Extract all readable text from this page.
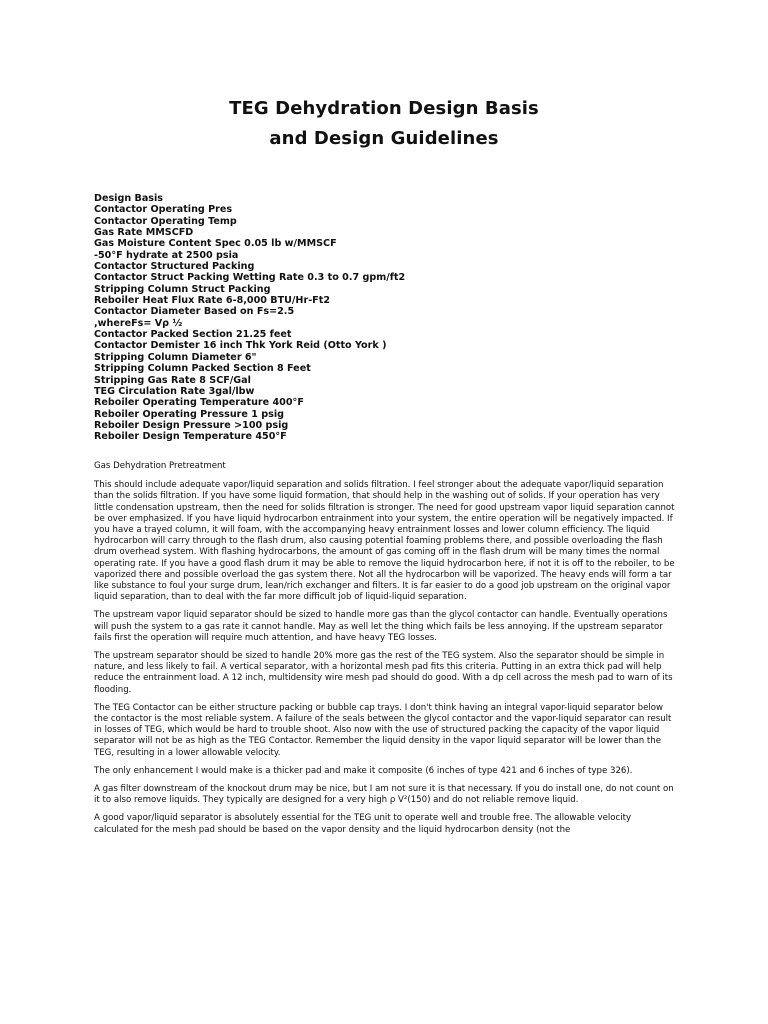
TEG Dehydration Design Basis
and Design Guidelines
Design Basis
Contactor Operating Pres
Contactor Operating Temp
Gas Rate MMSCFD
Gas Moisture Content Spec 0.05 lb w/MMSCF
-50°F hydrate at 2500 psia
Contactor Structured Packing
Contactor Struct Packing Wetting Rate 0.3 to 0.7 gpm/ft2
Stripping Column Struct Packing
Reboiler Heat Flux Rate 6-8,000 BTU/Hr-Ft2
Contactor Diameter Based on Fs=2.5
,whereFs= Vρ ½
Contactor Packed Section 21.25 feet
Contactor Demister 16 inch Thk York Reid (Otto York )
Stripping Column Diameter 6"
Stripping Column Packed Section 8 Feet
Stripping Gas Rate 8 SCF/Gal
TEG Circulation Rate 3gal/lbw
Reboiler Operating Temperature 400°F
Reboiler Operating Pressure 1 psig
Reboiler Design Pressure >100 psig
Reboiler Design Temperature 450°F

Gas Dehydration Pretreatment

This should include adequate vapor/liquid separation and solids filtration. I feel stronger about the adequate vapor/liquid separation than the solids filtration. If you have some liquid formation, that should help in the washing out of solids. If your operation has very little condensation upstream, then the need for solids filtration is stronger. The need for good upstream vapor liquid separation cannot be over emphasized. If you have liquid hydrocarbon entrainment into your system, the entire operation will be negatively impacted. If you have a trayed column, it will foam, with the accompanying heavy entrainment losses and lower column efficiency. The liquid hydrocarbon will carry through to the flash drum, also causing potential foaming problems there, and possible overloading the flash drum overhead system. With flashing hydrocarbons, the amount of gas coming off in the flash drum will be many times the normal operating rate. If you have a good flash drum it may be able to remove the liquid hydrocarbon here, if not it is off to the reboiler, to be vaporized there and possible overload the gas system there. Not all the hydrocarbon will be vaporized. The heavy ends will form a tar like substance to foul your surge drum, lean/rich exchanger and filters. It is far easier to do a good job upstream on the original vapor liquid separation, than to deal with the far more difficult job of liquid-liquid separation.

The upstream vapor liquid separator should be sized to handle more gas than the glycol contactor can handle. Eventually operations will push the system to a gas rate it cannot handle. May as well let the thing which fails be less annoying. If the upstream separator fails first the operation will require much attention, and have heavy TEG losses.

The upstream separator should be sized to handle 20% more gas the rest of the TEG system. Also the separator should be simple in nature, and less likely to fail. A vertical separator, with a horizontal mesh pad fits this criteria. Putting in an extra thick pad will help reduce the entrainment load. A 12 inch, multidensity wire mesh pad should do good. With a dp cell across the mesh pad to warn of its flooding.

The TEG Contactor can be either structure packing or bubble cap trays. I don't think having an integral vapor-liquid separator below the contactor is the most reliable system. A failure of the seals between the glycol contactor and the vapor-liquid separator can result in losses of TEG, which would be hard to trouble shoot. Also now with the use of structured packing the capacity of the vapor liquid separator will not be as high as the TEG Contactor. Remember the liquid density in the vapor liquid separator will be lower than the TEG, resulting in a lower allowable velocity.

The only enhancement I would make is a thicker pad and make it composite (6 inches of type 421 and 6 inches of type 326).

A gas filter downstream of the knockout drum may be nice, but I am not sure it is that necessary. If you do install one, do not count on it to also remove liquids. They typically are designed for a very high ρ V²(150) and do not reliable remove liquid.

A good vapor/liquid separator is absolutely essential for the TEG unit to operate well and trouble free. The allowable velocity calculated for the mesh pad should be based on the vapor density and the liquid hydrocarbon density (not the
